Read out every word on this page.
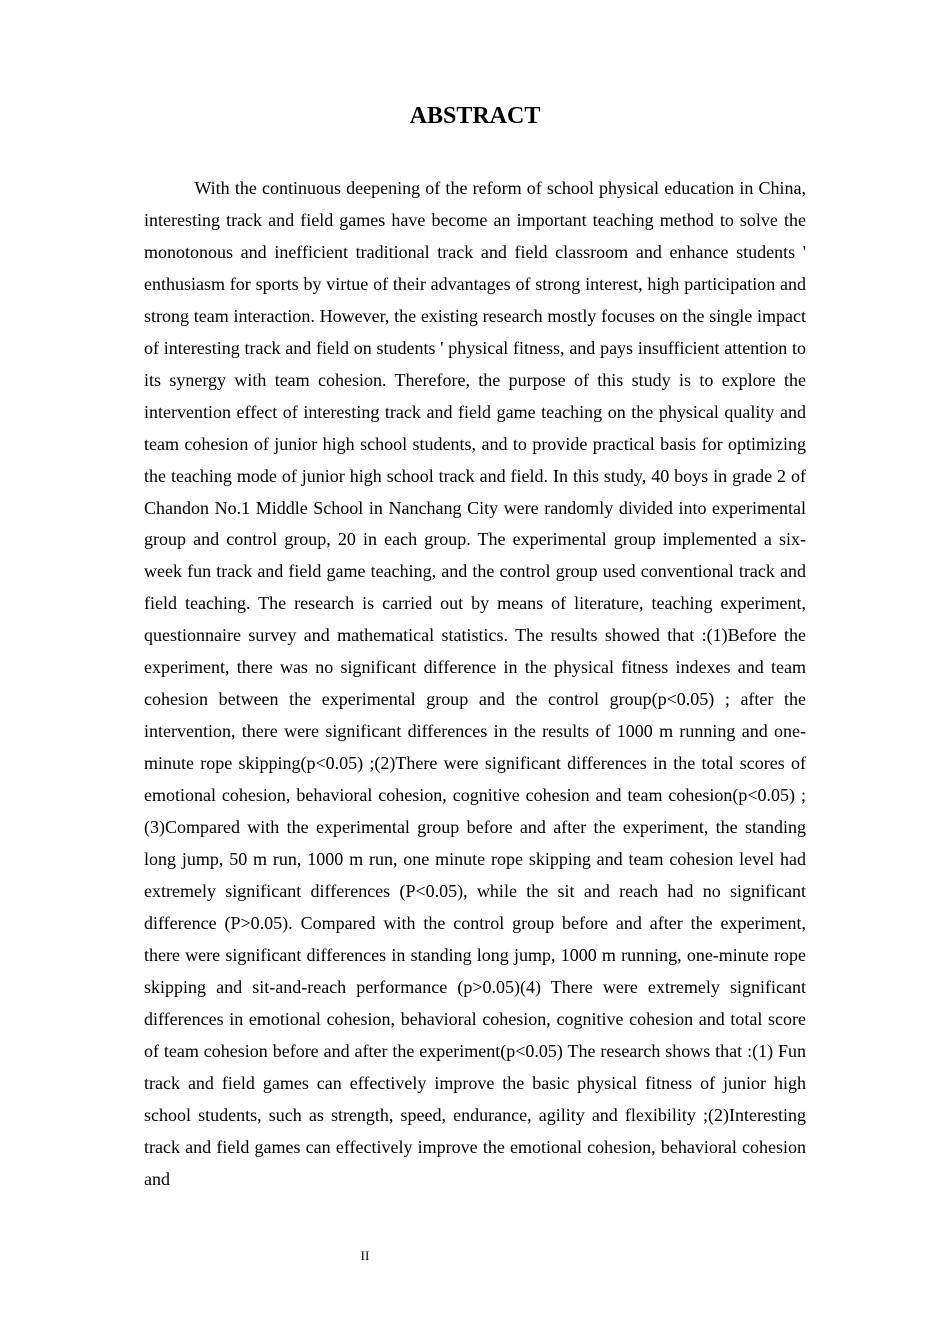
ABSTRACT

With the continuous deepening of the reform of school physical education in China, interesting track and field games have become an important teaching method to solve the monotonous and inefficient traditional track and field classroom and enhance students ' enthusiasm for sports by virtue of their advantages of strong interest, high participation and strong team interaction. However, the existing research mostly focuses on the single impact of interesting track and field on students ' physical fitness, and pays insufficient attention to its synergy with team cohesion. Therefore, the purpose of this study is to explore the intervention effect of interesting track and field game teaching on the physical quality and team cohesion of junior high school students, and to provide practical basis for optimizing the teaching mode of junior high school track and field. In this study, 40 boys in grade 2 of Chandon No.1 Middle School in Nanchang City were randomly divided into experimental group and control group, 20 in each group. The experimental group implemented a six-week fun track and field game teaching, and the control group used conventional track and field teaching. The research is carried out by means of literature, teaching experiment, questionnaire survey and mathematical statistics. The results showed that :(1)Before the experiment, there was no significant difference in the physical fitness indexes and team cohesion between the experimental group and the control group(p<0.05) ; after the intervention, there were significant differences in the results of 1000 m running and one-minute rope skipping(p<0.05) ;(2)There were significant differences in the total scores of emotional cohesion, behavioral cohesion, cognitive cohesion and team cohesion(p<0.05) ;(3)Compared with the experimental group before and after the experiment, the standing long jump, 50 m run, 1000 m run, one minute rope skipping and team cohesion level had extremely significant differences (P<0.05), while the sit and reach had no significant difference (P>0.05). Compared with the control group before and after the experiment, there were significant differences in standing long jump, 1000 m running, one-minute rope skipping and sit-and-reach performance (p>0.05)(4) There were extremely significant differences in emotional cohesion, behavioral cohesion, cognitive cohesion and total score of team cohesion before and after the experiment(p<0.05) The research shows that :(1) Fun track and field games can effectively improve the basic physical fitness of junior high school students, such as strength, speed, endurance, agility and flexibility ;(2)Interesting track and field games can effectively improve the emotional cohesion, behavioral cohesion and

II
